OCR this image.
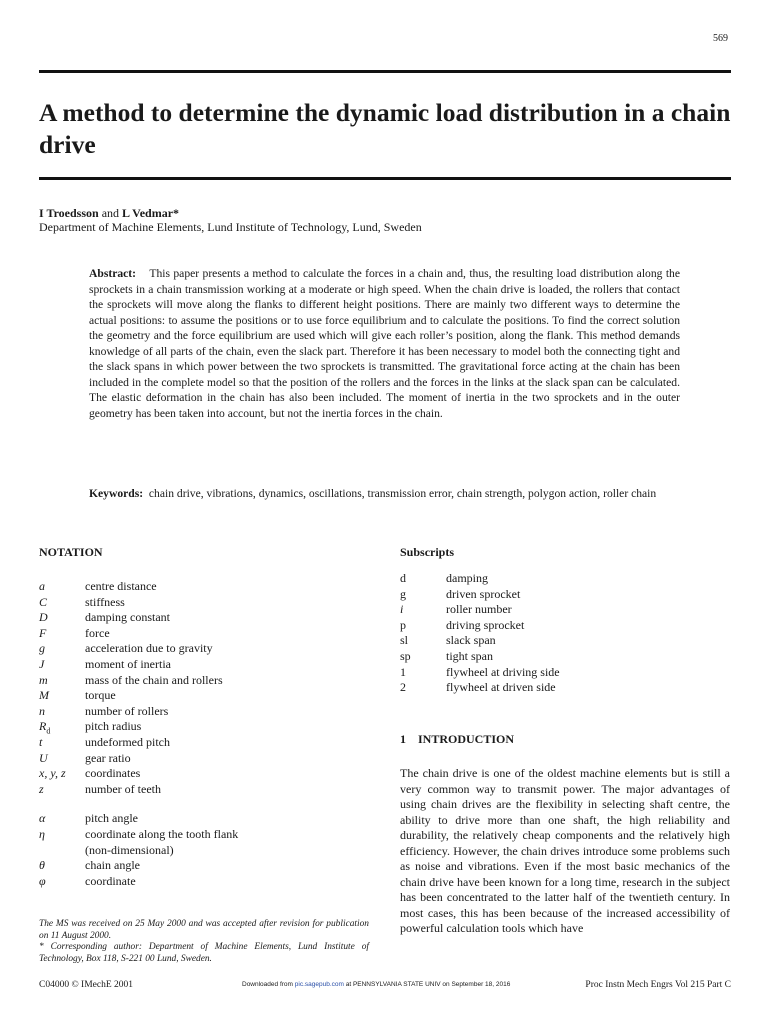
569
A method to determine the dynamic load distribution in a chain drive
I Troedsson and L Vedmar*
Department of Machine Elements, Lund Institute of Technology, Lund, Sweden
Abstract: This paper presents a method to calculate the forces in a chain and, thus, the resulting load distribution along the sprockets in a chain transmission working at a moderate or high speed. When the chain drive is loaded, the rollers that contact the sprockets will move along the flanks to different height positions. There are mainly two different ways to determine the actual positions: to assume the positions or to use force equilibrium and to calculate the positions. To find the correct solution the geometry and the force equilibrium are used which will give each roller’s position, along the flank. This method demands knowledge of all parts of the chain, even the slack part. Therefore it has been necessary to model both the connecting tight and the slack spans in which power between the two sprockets is transmitted. The gravitational force acting at the chain has been included in the complete model so that the position of the rollers and the forces in the links at the slack span can be calculated. The elastic deformation in the chain has also been included. The moment of inertia in the two sprockets and in the outer geometry has been taken into account, but not the inertia forces in the chain.
Keywords: chain drive, vibrations, dynamics, oscillations, transmission error, chain strength, polygon action, roller chain
NOTATION
a	centre distance
C	stiffness
D	damping constant
F	force
g	acceleration due to gravity
J	moment of inertia
m	mass of the chain and rollers
M	torque
n	number of rollers
$R_d$	pitch radius
t	undeformed pitch
U	gear ratio
x, y, z	coordinates
z	number of teeth
α	pitch angle
η	coordinate along the tooth flank
(non-dimensional)
θ	chain angle
φ	coordinate
Subscripts
d	damping
g	driven sprocket
i	roller number
p	driving sprocket
sl	slack span
sp	tight span
1	flywheel at driving side
2	flywheel at driven side
1 INTRODUCTION
The chain drive is one of the oldest machine elements but is still a very common way to transmit power. The major advantages of using chain drives are the flexibility in selecting shaft centre, the ability to drive more than one shaft, the high reliability and durability, the relatively cheap components and the relatively high efficiency. However, the chain drives introduce some problems such as noise and vibrations. Even if the most basic mechanics of the chain drive have been known for a long time, research in the subject has been concentrated to the latter half of the twentieth century. In most cases, this has been because of the increased accessibility of powerful calculation tools which have
The MS was received on 25 May 2000 and was accepted after revision for publication on 11 August 2000.
* Corresponding author: Department of Machine Elements, Lund Institute of Technology, Box 118, S-221 00 Lund, Sweden.
C04000 © IMechE 2001	Downloaded from pic.sagepub.com at PENNSYLVANIA STATE UNIV on September 18, 2016	Proc Instn Mech Engrs Vol 215 Part C
